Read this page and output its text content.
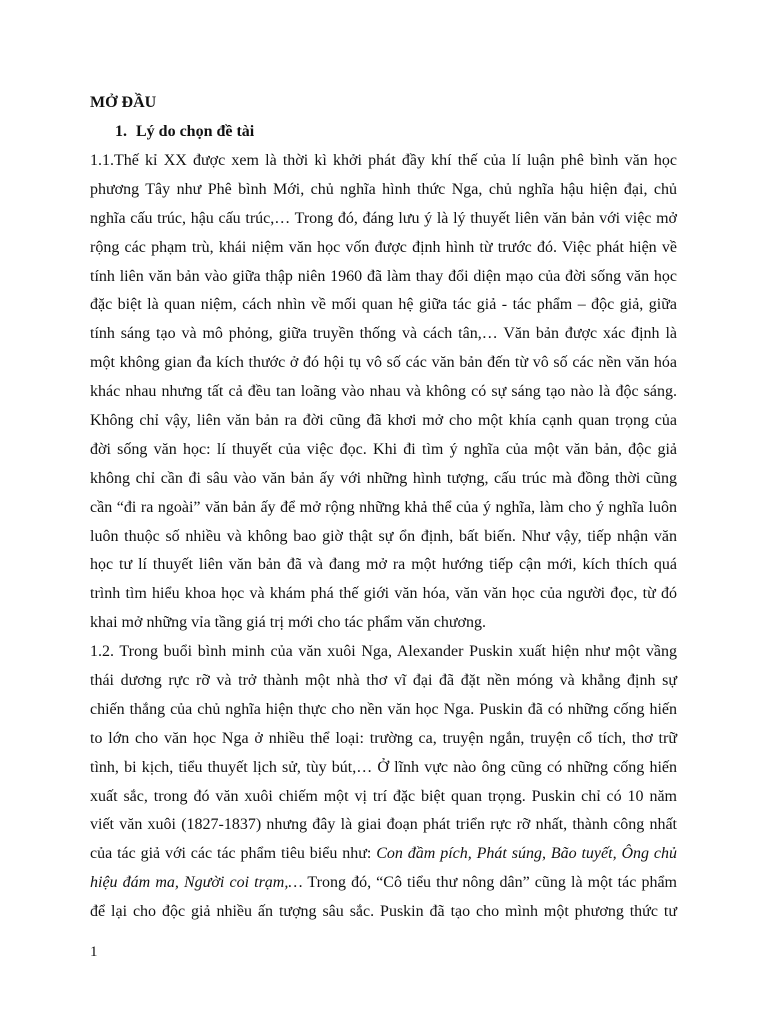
MỞ ĐẦU
1. Lý do chọn đề tài
1.1.Thế kỉ XX được xem là thời kì khởi phát đầy khí thế của lí luận phê bình văn học
phương Tây như Phê bình Mới, chủ nghĩa hình thức Nga, chủ nghĩa hậu hiện đại, chủ
nghĩa cấu trúc, hậu cấu trúc,… Trong đó, đáng lưu ý là lý thuyết liên văn bản với việc mở
rộng các phạm trù, khái niệm văn học vốn được định hình từ trước đó. Việc phát hiện về
tính liên văn bản vào giữa thập niên 1960 đã làm thay đổi diện mạo của đời sống văn học
đặc biệt là quan niệm, cách nhìn về mối quan hệ giữa tác giả - tác phẩm – độc giả, giữa
tính sáng tạo và mô phỏng, giữa truyền thống và cách tân,… Văn bản được xác định là
một không gian đa kích thước ở đó hội tụ vô số các văn bản đến từ vô số các nền văn hóa
khác nhau nhưng tất cả đều tan loãng vào nhau và không có sự sáng tạo nào là độc sáng.
Không chỉ vậy, liên văn bản ra đời cũng đã khơi mở cho một khía cạnh quan trọng của
đời sống văn học: lí thuyết của việc đọc. Khi đi tìm ý nghĩa của một văn bản, độc giả
không chỉ cần đi sâu vào văn bản ấy với những hình tượng, cấu trúc mà đồng thời cũng
cần “đi ra ngoài” văn bản ấy để mở rộng những khả thể của ý nghĩa, làm cho ý nghĩa luôn
luôn thuộc số nhiều và không bao giờ thật sự ổn định, bất biến. Như vậy, tiếp nhận văn
học tư lí thuyết liên văn bản đã và đang mở ra một hướng tiếp cận mới, kích thích quá
trình tìm hiểu khoa học và khám phá thế giới văn hóa, văn văn học của người đọc, từ đó
khai mở những vỉa tầng giá trị mới cho tác phẩm văn chương.
1.2. Trong buổi bình minh của văn xuôi Nga, Alexander Puskin xuất hiện như một vầng
thái dương rực rỡ và trở thành một nhà thơ vĩ đại đã đặt nền móng và khẳng định sự
chiến thắng của chủ nghĩa hiện thực cho nền văn học Nga. Puskin đã có những cống hiến
to lớn cho văn học Nga ở nhiều thể loại: trường ca, truyện ngắn, truyện cổ tích, thơ trữ
tình, bi kịch, tiểu thuyết lịch sử, tùy bút,… Ở lĩnh vực nào ông cũng có những cống hiến
xuất sắc, trong đó văn xuôi chiếm một vị trí đặc biệt quan trọng. Puskin chỉ có 10 năm
viết văn xuôi (1827-1837) nhưng đây là giai đoạn phát triển rực rỡ nhất, thành công nhất
của tác giả với các tác phẩm tiêu biểu như: Con đầm pích, Phát súng, Bão tuyết, Ông chủ
hiệu đám ma, Người coi trạm,… Trong đó, “Cô tiểu thư nông dân” cũng là một tác phẩm
để lại cho độc giả nhiều ấn tượng sâu sắc. Puskin đã tạo cho mình một phương thức tư
1
